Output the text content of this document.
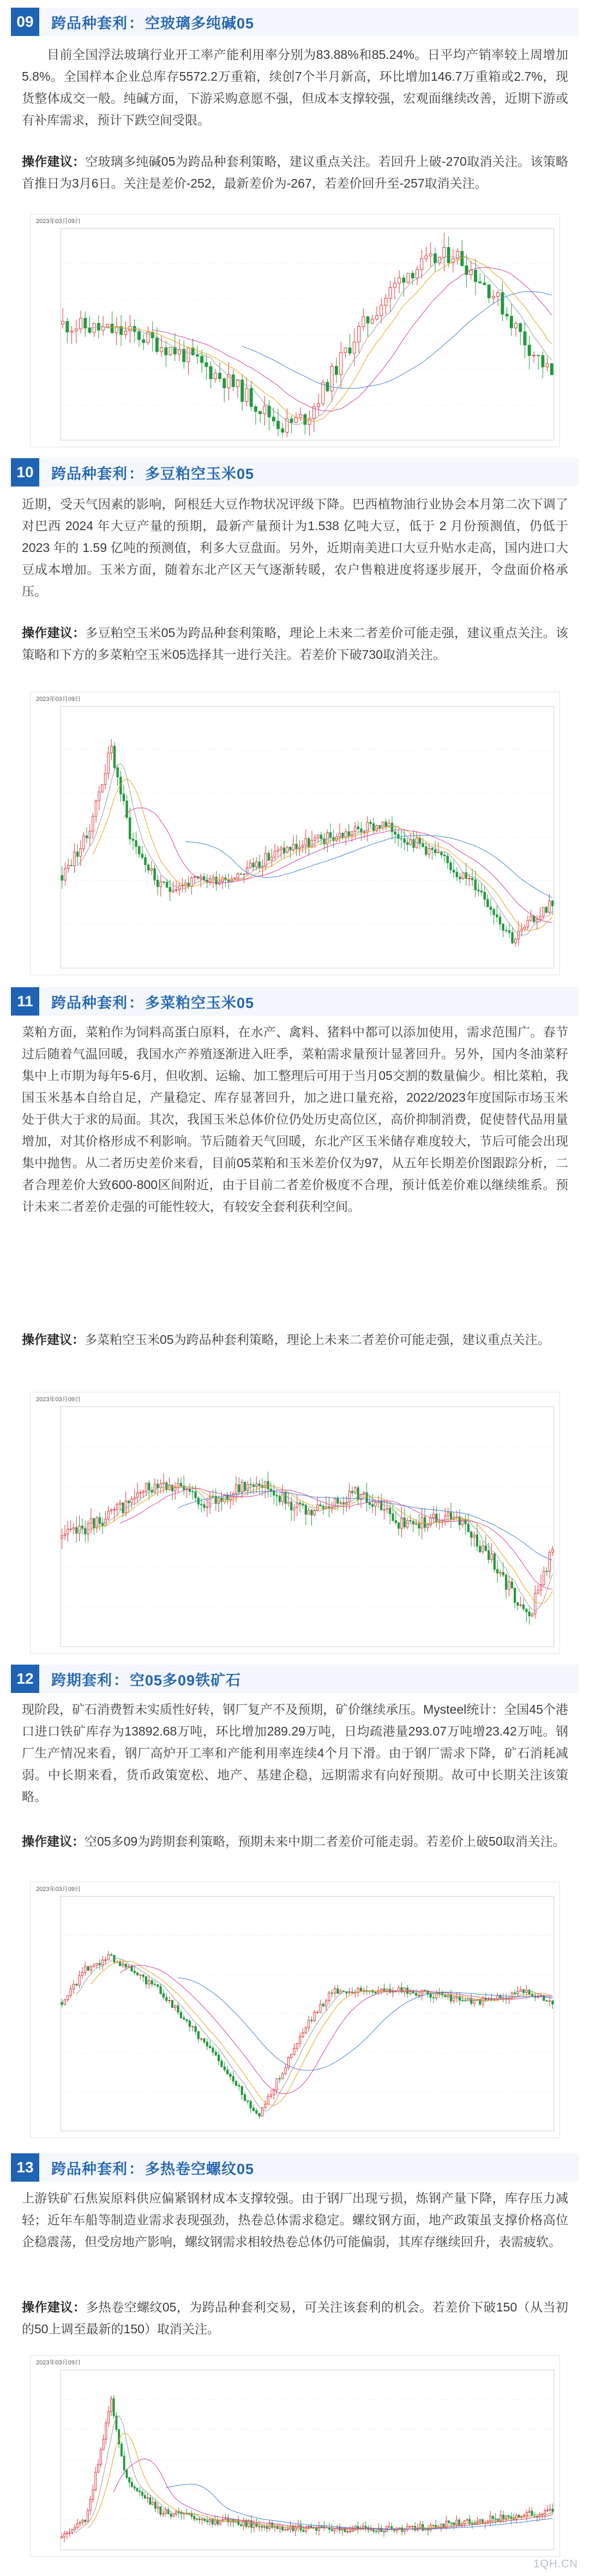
09	跨品种套利：空玻璃多纯碱05

目前全国浮法玻璃行业开工率产能利用率分别为83.88%和85.24%。日平均产销率较上周增加5.8%。全国样本企业总库存5572.2万重箱，续创7个半月新高，环比增加146.7万重箱或2.7%，现货整体成交一般。纯碱方面，下游采购意愿不强，但成本支撑较强，宏观面继续改善，近期下游或有补库需求，预计下跌空间受限。

操作建议：空玻璃多纯碱05为跨品种套利策略，建议重点关注。若回升上破-270取消关注。该策略首推日为3月6日。关注是差价-252，最新差价为-267，若差价回升至-257取消关注。

2023年03月09日
10	跨品种套利：多豆粕空玉米05

近期，受天气因素的影响，阿根廷大豆作物状况评级下降。巴西植物油行业协会本月第二次下调了对巴西 2024 年大豆产量的预期，最新产量预计为1.538 亿吨大豆，低于 2 月份预测值，仍低于 2023 年的 1.59 亿吨的预测值，利多大豆盘面。另外，近期南美进口大豆升贴水走高，国内进口大豆成本增加。玉米方面，随着东北产区天气逐渐转暖，农户售粮进度将逐步展开，令盘面价格承压。

操作建议：多豆粕空玉米05为跨品种套利策略，理论上未来二者差价可能走强，建议重点关注。该策略和下方的多菜粕空玉米05选择其一进行关注。若差价下破730取消关注。

2023年03月09日
11	跨品种套利：多菜粕空玉米05

菜粕方面，菜粕作为饲料高蛋白原料，在水产、禽料、猪料中都可以添加使用，需求范围广。春节过后随着气温回暖，我国水产养殖逐渐进入旺季，菜粕需求量预计显著回升。另外，国内冬油菜籽集中上市期为每年5-6月，但收割、运输、加工整理后可用于当月05交割的数量偏少。相比菜粕，我国玉米基本自给自足，产量稳定、库存显著回升，加之进口量充裕，2022/2023年度国际市场玉米处于供大于求的局面。其次，我国玉米总体价位仍处历史高位区，高价抑制消费，促使替代品用量增加，对其价格形成不利影响。节后随着天气回暖，东北产区玉米储存难度较大，节后可能会出现集中抛售。从二者历史差价来看，目前05菜粕和玉米差价仅为97，从五年长期差价图跟踪分析，二者合理差价大致600-800区间附近，由于目前二者差价极度不合理，预计低差价难以继续维系。预计未来二者差价走强的可能性较大，有较安全套利获利空间。

操作建议：多菜粕空玉米05为跨品种套利策略，理论上未来二者差价可能走强，建议重点关注。

2023年03月09日
12	跨期套利：空05多09铁矿石

现阶段，矿石消费暂未实质性好转，钢厂复产不及预期，矿价继续承压。Mysteel统计：全国45个港口进口铁矿库存为13892.68万吨，环比增加289.29万吨，日均疏港量293.07万吨增23.42万吨。钢厂生产情况来看，钢厂高炉开工率和产能利用率连续4个月下滑。由于钢厂需求下降，矿石消耗减弱。中长期来看，货币政策宽松、地产、基建企稳，远期需求有向好预期。故可中长期关注该策略。

操作建议：空05多09为跨期套利策略，预期未来中期二者差价可能走弱。若差价上破50取消关注。

2023年03月09日
13	跨品种套利：多热卷空螺纹05

上游铁矿石焦炭原料供应偏紧钢材成本支撑较强。由于钢厂出现亏损，炼钢产量下降，库存压力减轻；近年车船等制造业需求表现强劲，热卷总体需求稳定。螺纹钢方面，地产政策虽支撑价格高位企稳震荡，但受房地产影响，螺纹钢需求相较热卷总体仍可能偏弱，其库存继续回升，表需疲软。

操作建议：多热卷空螺纹05，为跨品种套利交易，可关注该套利的机会。若差价下破150（从当初的50上调至最新的150）取消关注。

2023年03月09日
1QH.CN
